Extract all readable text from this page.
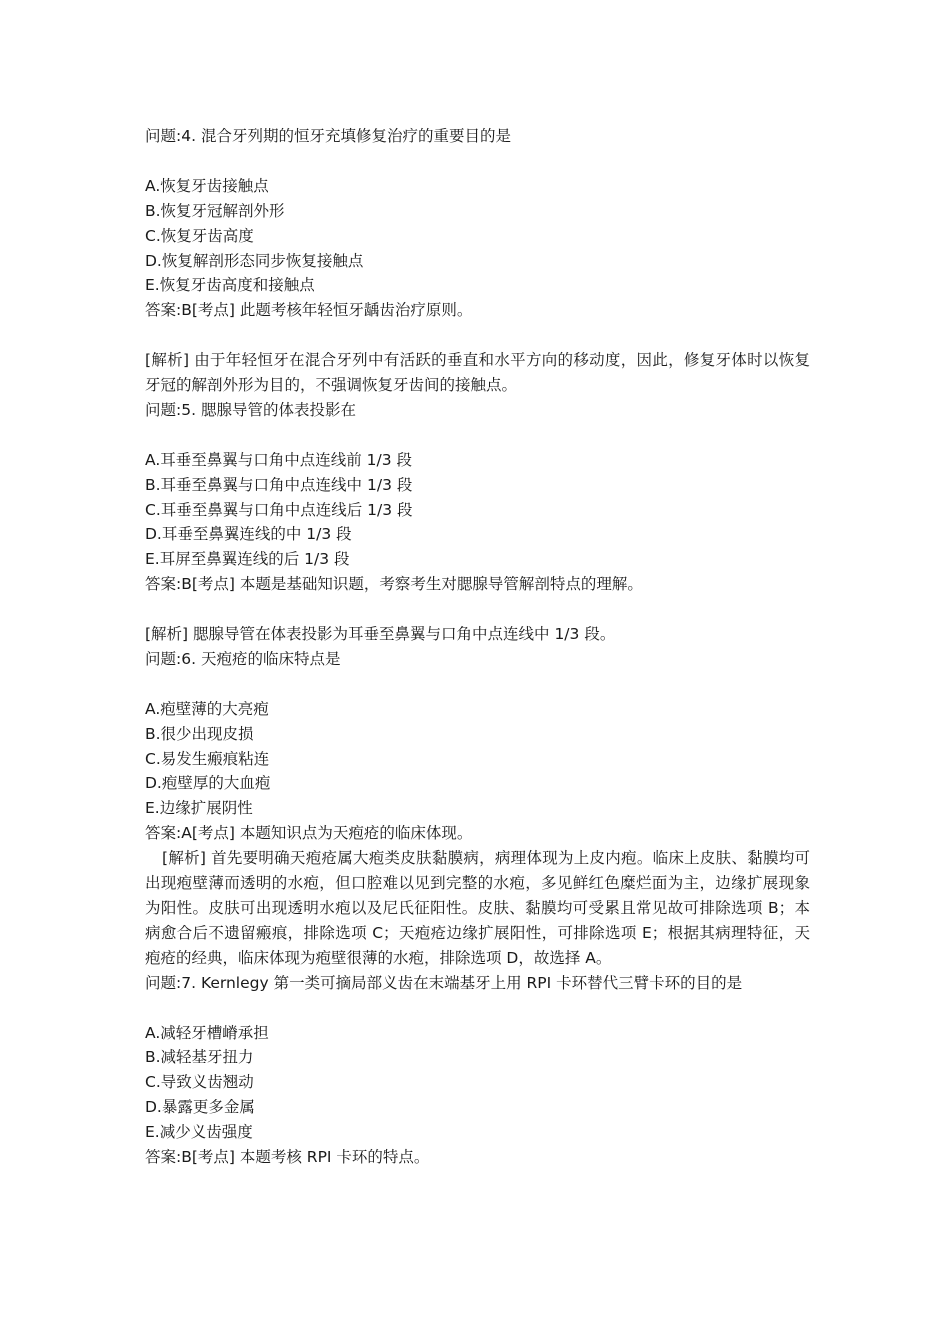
问题:4. 混合牙列期的恒牙充填修复治疗的重要目的是
A.恢复牙齿接触点
B.恢复牙冠解剖外形
C.恢复牙齿高度
D.恢复解剖形态同步恢复接触点
E.恢复牙齿高度和接触点
答案:B[考点] 此题考核年轻恒牙龋齿治疗原则。
[解析] 由于年轻恒牙在混合牙列中有活跃的垂直和水平方向的移动度，因此，修复牙体时以恢复牙冠的解剖外形为目的，不强调恢复牙齿间的接触点。
问题:5. 腮腺导管的体表投影在
A.耳垂至鼻翼与口角中点连线前 1/3 段
B.耳垂至鼻翼与口角中点连线中 1/3 段
C.耳垂至鼻翼与口角中点连线后 1/3 段
D.耳垂至鼻翼连线的中 1/3 段
E.耳屏至鼻翼连线的后 1/3 段
答案:B[考点] 本题是基础知识题，考察考生对腮腺导管解剖特点的理解。
[解析] 腮腺导管在体表投影为耳垂至鼻翼与口角中点连线中 1/3 段。
问题:6. 天疱疮的临床特点是
A.疱壁薄的大亮疱
B.很少出现皮损
C.易发生瘢痕粘连
D.疱壁厚的大血疱
E.边缘扩展阴性
答案:A[考点] 本题知识点为天疱疮的临床体现。
[解析] 首先要明确天疱疮属大疱类皮肤黏膜病，病理体现为上皮内疱。临床上皮肤、黏膜均可出现疱壁薄而透明的水疱，但口腔难以见到完整的水疱，多见鲜红色糜烂面为主，边缘扩展现象为阳性。皮肤可出现透明水疱以及尼氏征阳性。皮肤、黏膜均可受累且常见故可排除选项 B；本病愈合后不遗留瘢痕，排除选项 C；天疱疮边缘扩展阳性，可排除选项 E；根据其病理特征，天疱疮的经典，临床体现为疱壁很薄的水疱，排除选项 D，故选择 A。
问题:7. Kernlegy 第一类可摘局部义齿在末端基牙上用 RPI 卡环替代三臂卡环的目的是
A.减轻牙槽嵴承担
B.减轻基牙扭力
C.导致义齿翘动
D.暴露更多金属
E.减少义齿强度
答案:B[考点] 本题考核 RPI 卡环的特点。
